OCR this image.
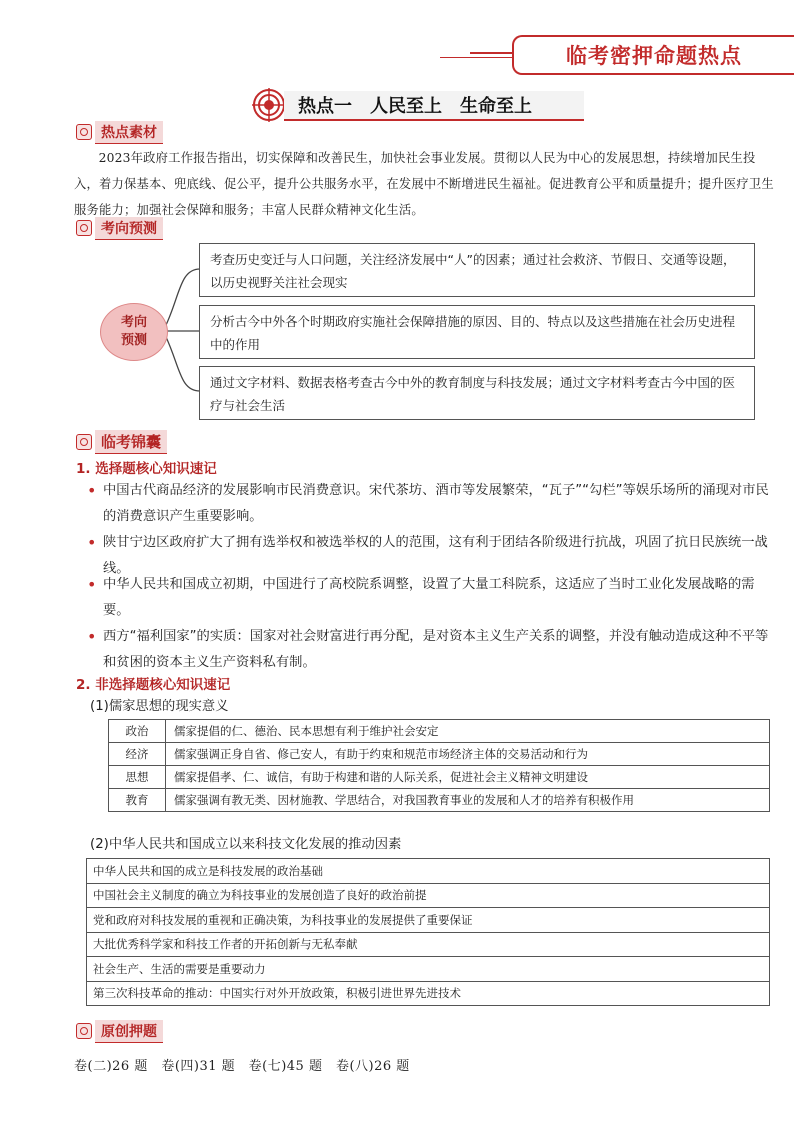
临考密押命题热点
热点一　人民至上　生命至上
热点素材
2023年政府工作报告指出，切实保障和改善民生，加快社会事业发展。贯彻以人民为中心的发展思想，持续增加民生投入，着力保基本、兜底线、促公平，提升公共服务水平，在发展中不断增进民生福祉。促进教育公平和质量提升；提升医疗卫生服务能力；加强社会保障和服务；丰富人民群众精神文化生活。
考向预测
考向预测
考查历史变迁与人口问题，关注经济发展中“人”的因素；通过社会救济、节假日、交通等设题，以历史视野关注社会现实
分析古今中外各个时期政府实施社会保障措施的原因、目的、特点以及这些措施在社会历史进程中的作用
通过文字材料、数据表格考查古今中外的教育制度与科技发展；通过文字材料考查古今中国的医疗与社会生活
临考锦囊
1. 选择题核心知识速记
• 中国古代商品经济的发展影响市民消费意识。宋代茶坊、酒市等发展繁荣，“瓦子”“勾栏”等娱乐场所的涌现对市民的消费意识产生重要影响。
• 陕甘宁边区政府扩大了拥有选举权和被选举权的人的范围，这有利于团结各阶级进行抗战，巩固了抗日民族统一战线。
• 中华人民共和国成立初期，中国进行了高校院系调整，设置了大量工科院系，这适应了当时工业化发展战略的需要。
• 西方“福利国家”的实质：国家对社会财富进行再分配，是对资本主义生产关系的调整，并没有触动造成这种不平等和贫困的资本主义生产资料私有制。
2. 非选择题核心知识速记
(1)儒家思想的现实意义
政治	儒家提倡的仁、德治、民本思想有利于维护社会安定
经济	儒家强调正身自省、修己安人，有助于约束和规范市场经济主体的交易活动和行为
思想	儒家提倡孝、仁、诚信，有助于构建和谐的人际关系，促进社会主义精神文明建设
教育	儒家强调有教无类、因材施教、学思结合，对我国教育事业的发展和人才的培养有积极作用
(2)中华人民共和国成立以来科技文化发展的推动因素
中华人民共和国的成立是科技发展的政治基础
中国社会主义制度的确立为科技事业的发展创造了良好的政治前提
党和政府对科技发展的重视和正确决策，为科技事业的发展提供了重要保证
大批优秀科学家和科技工作者的开拓创新与无私奉献
社会生产、生活的需要是重要动力
第三次科技革命的推动：中国实行对外开放政策，积极引进世界先进技术
原创押题
卷(二)26 题　卷(四)31 题　卷(七)45 题　卷(八)26 题
